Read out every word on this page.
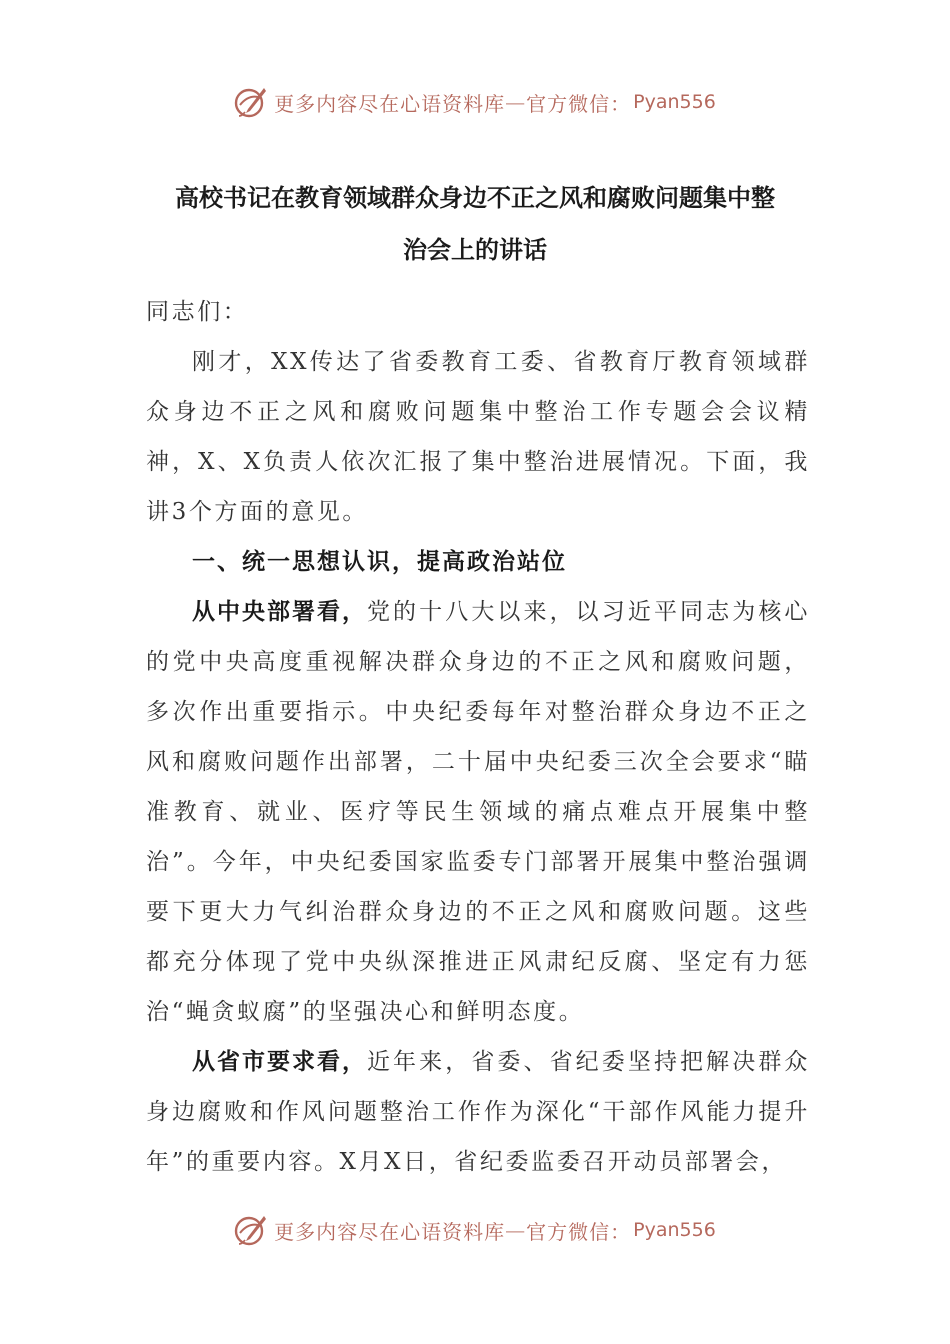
更多内容尽在心语资料库 — 官方微信： Pyan556
高校书记在教育领域群众身边不正之风和腐败问题集中整
治会上的讲话

同志们：

刚才，XX传达了省委教育工委、省教育厅教育领域群众身边不正之风和腐败问题集中整治工作专题会会议精神，X、X负责人依次汇报了集中整治进展情况。下面，我讲3个方面的意见。

一、统一思想认识，提高政治站位

从中央部署看，党的十八大以来，以习近平同志为核心的党中央高度重视解决群众身边的不正之风和腐败问题，多次作出重要指示。中央纪委每年对整治群众身边不正之风和腐败问题作出部署，二十届中央纪委三次全会要求“瞄准教育、就业、医疗等民生领域的痛点难点开展集中整治”。今年，中央纪委国家监委专门部署开展集中整治强调要下更大力气纠治群众身边的不正之风和腐败问题。这些都充分体现了党中央纵深推进正风肃纪反腐、坚定有力惩治“蝇贪蚁腐”的坚强决心和鲜明态度。

从省市要求看，近年来，省委、省纪委坚持把解决群众身边腐败和作风问题整治工作作为深化“干部作风能力提升年”的重要内容。X月X日，省纪委监委召开动员部署会，

更多内容尽在心语资料库 — 官方微信： Pyan556
